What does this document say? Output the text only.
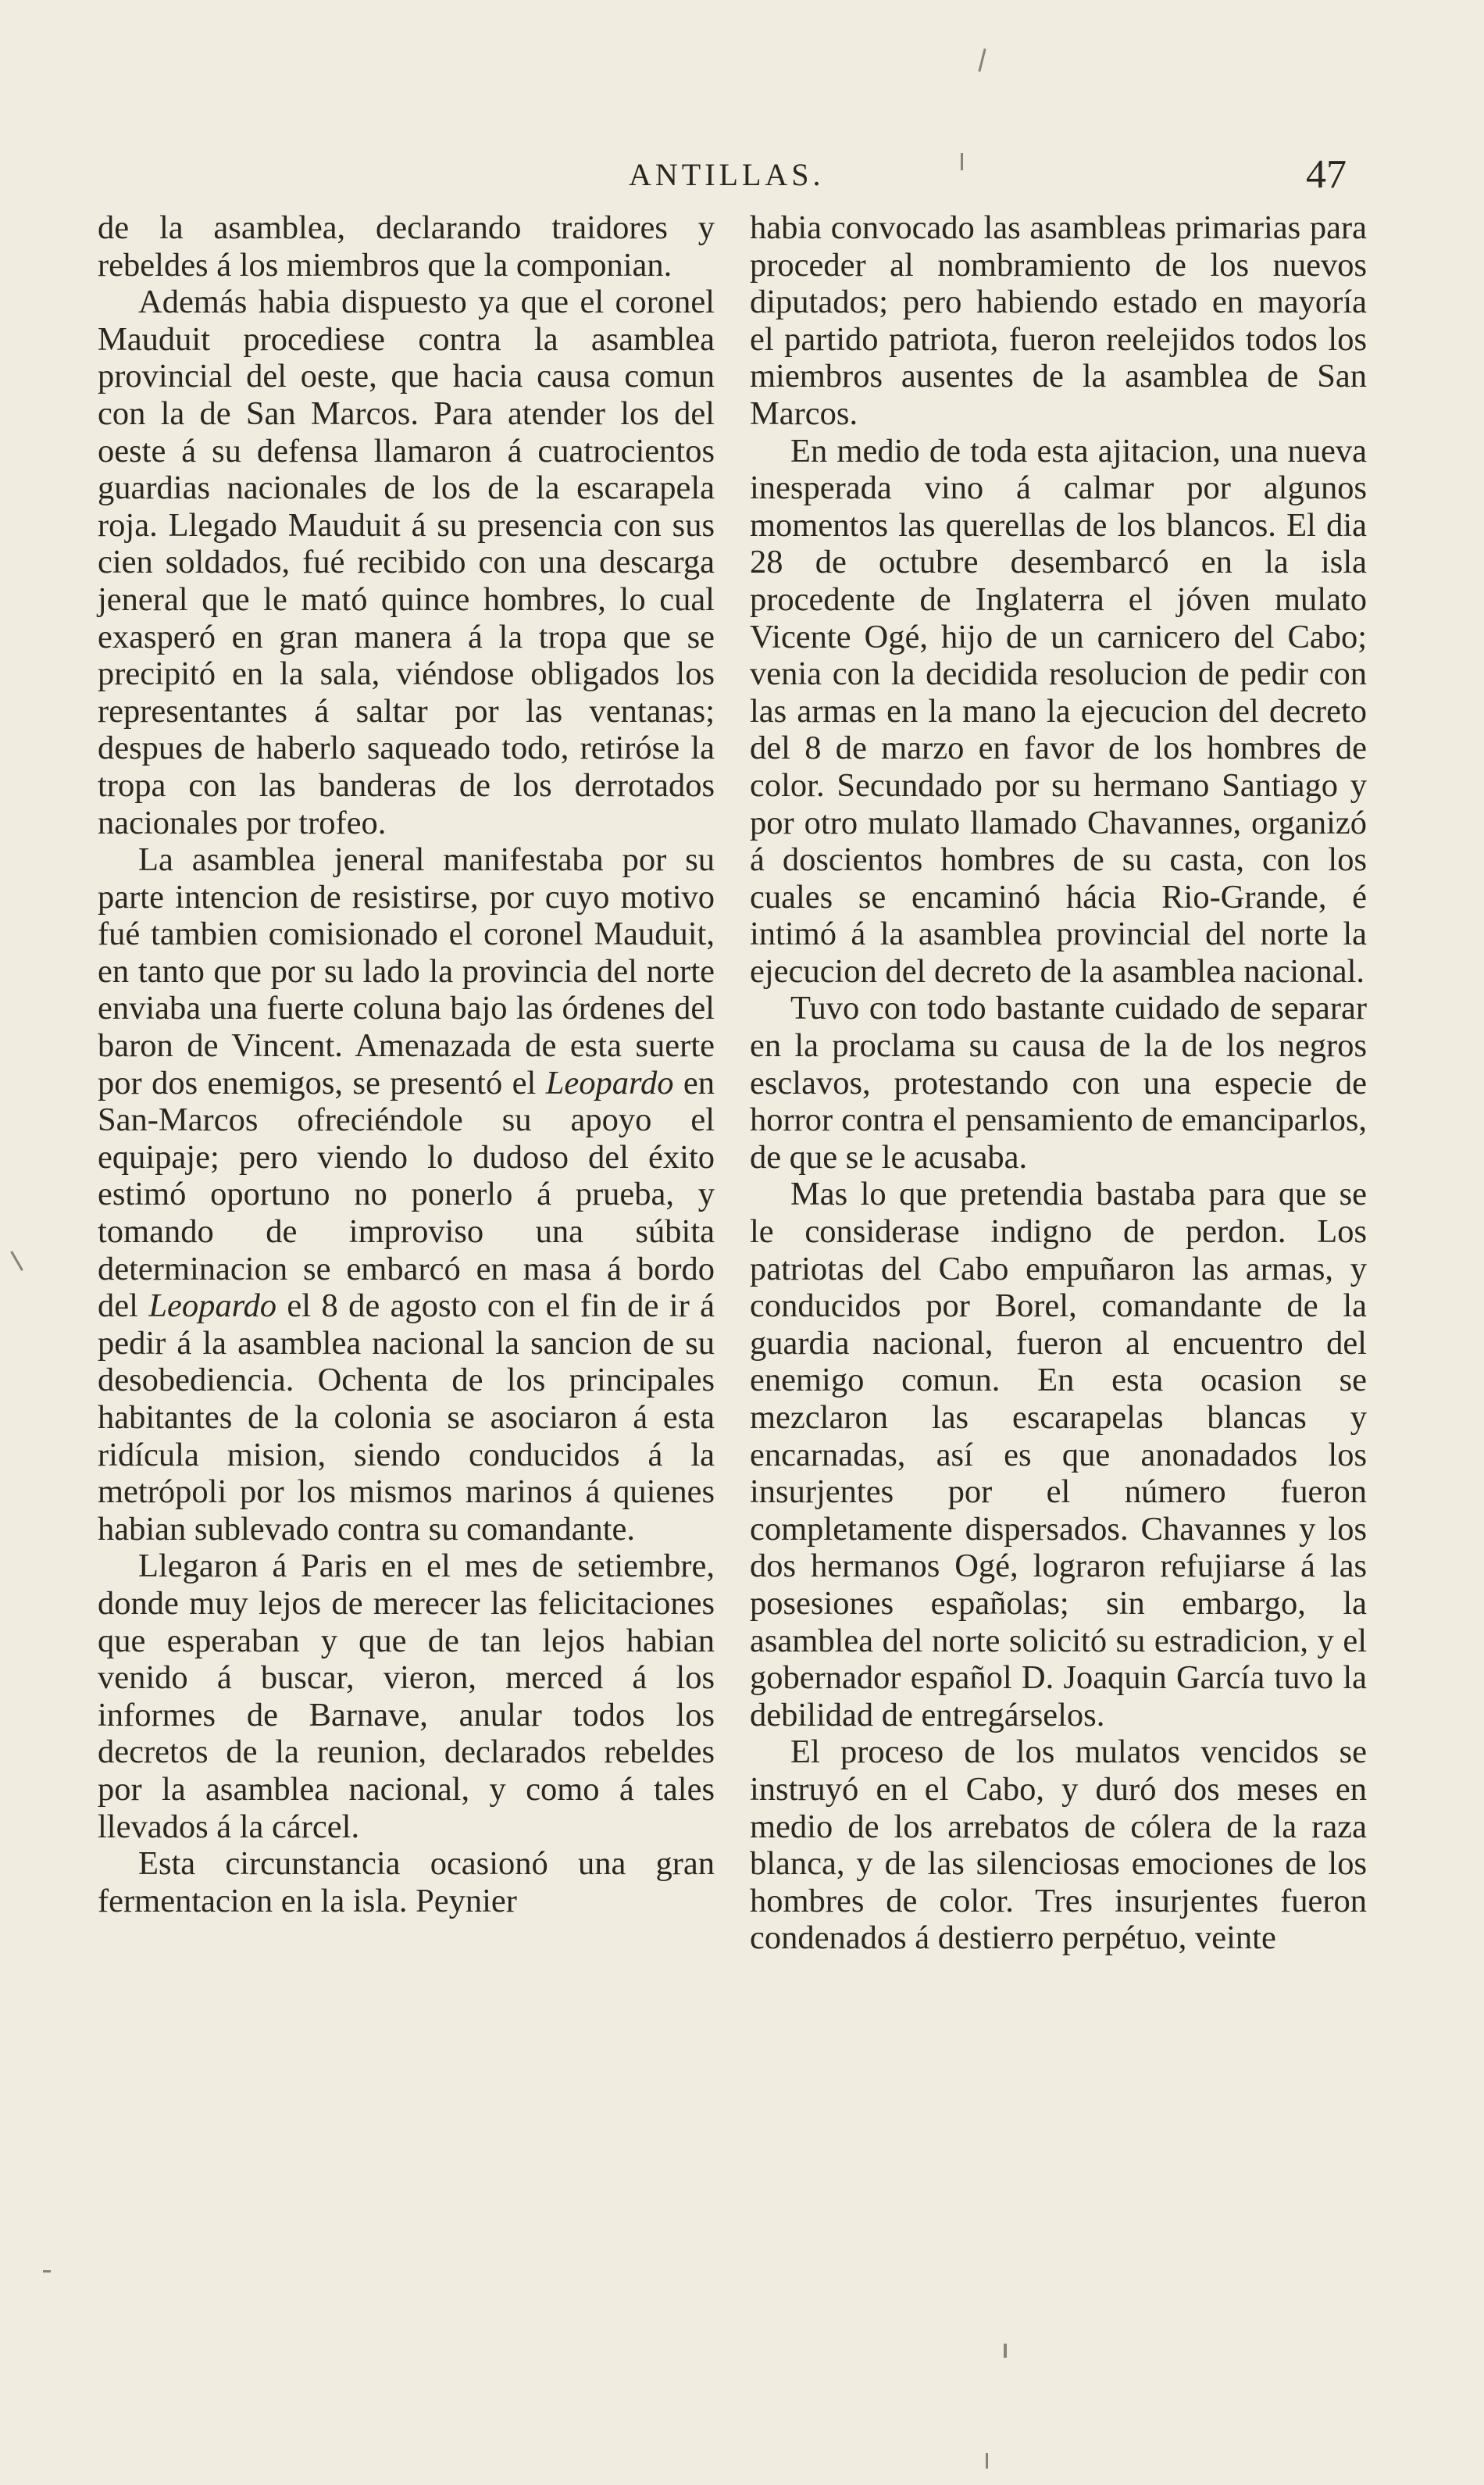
ANTILLAS.	47

de la asamblea, declarando traidores y rebeldes á los miembros que la componian.

Además habia dispuesto ya que el coronel Mauduit procediese contra la asamblea provincial del oeste, que hacia causa comun con la de San Marcos. Para atender los del oeste á su defensa llamaron á cuatrocientos guardias nacionales de los de la escarapela roja. Llegado Mauduit á su presencia con sus cien soldados, fué recibido con una descarga jeneral que le mató quince hombres, lo cual exasperó en gran manera á la tropa que se precipitó en la sala, viéndose obligados los representantes á saltar por las ventanas; despues de haberlo saqueado todo, retiróse la tropa con las banderas de los derrotados nacionales por trofeo.

La asamblea jeneral manifestaba por su parte intencion de resistirse, por cuyo motivo fué tambien comisionado el coronel Mauduit, en tanto que por su lado la provincia del norte enviaba una fuerte coluna bajo las órdenes del baron de Vincent. Amenazada de esta suerte por dos enemigos, se presentó el Leopardo en San-Marcos ofreciéndole su apoyo el equipaje; pero viendo lo dudoso del éxito estimó oportuno no ponerlo á prueba, y tomando de improviso una súbita determinacion se embarcó en masa á bordo del Leopardo el 8 de agosto con el fin de ir á pedir á la asamblea nacional la sancion de su desobediencia. Ochenta de los principales habitantes de la colonia se asociaron á esta ridícula mision, siendo conducidos á la metrópoli por los mismos marinos á quienes habian sublevado contra su comandante.

Llegaron á Paris en el mes de setiembre, donde muy lejos de merecer las felicitaciones que esperaban y que de tan lejos habian venido á buscar, vieron, merced á los informes de Barnave, anular todos los decretos de la reunion, declarados rebeldes por la asamblea nacional, y como á tales llevados á la cárcel.

Esta circunstancia ocasionó una gran fermentacion en la isla. Peynier

habia convocado las asambleas primarias para proceder al nombramiento de los nuevos diputados; pero habiendo estado en mayoría el partido patriota, fueron reelejidos todos los miembros ausentes de la asamblea de San Marcos.

En medio de toda esta ajitacion, una nueva inesperada vino á calmar por algunos momentos las querellas de los blancos. El dia 28 de octubre desembarcó en la isla procedente de Inglaterra el jóven mulato Vicente Ogé, hijo de un carnicero del Cabo; venia con la decidida resolucion de pedir con las armas en la mano la ejecucion del decreto del 8 de marzo en favor de los hombres de color. Secundado por su hermano Santiago y por otro mulato llamado Chavannes, organizó á doscientos hombres de su casta, con los cuales se encaminó hácia Rio-Grande, é intimó á la asamblea provincial del norte la ejecucion del decreto de la asamblea nacional.

Tuvo con todo bastante cuidado de separar en la proclama su causa de la de los negros esclavos, protestando con una especie de horror contra el pensamiento de emanciparlos, de que se le acusaba.

Mas lo que pretendia bastaba para que se le considerase indigno de perdon. Los patriotas del Cabo empuñaron las armas, y conducidos por Borel, comandante de la guardia nacional, fueron al encuentro del enemigo comun. En esta ocasion se mezclaron las escarapelas blancas y encarnadas, así es que anonadados los insurjentes por el número fueron completamente dispersados. Chavannes y los dos hermanos Ogé, lograron refujiarse á las posesiones españolas; sin embargo, la asamblea del norte solicitó su estradicion, y el gobernador español D. Joaquin García tuvo la debilidad de entregárselos.

El proceso de los mulatos vencidos se instruyó en el Cabo, y duró dos meses en medio de los arrebatos de cólera de la raza blanca, y de las silenciosas emociones de los hombres de color. Tres insurjentes fueron condenados á destierro perpétuo, veinte
